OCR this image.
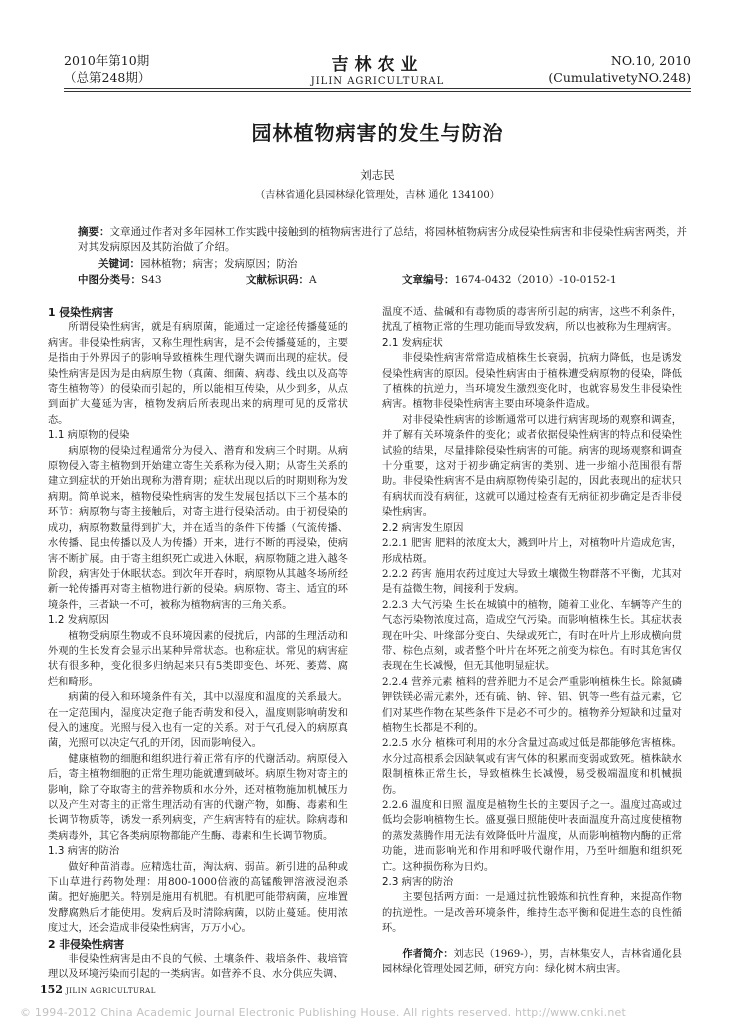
2010年第10期
（总第248期）
吉林农业
JILIN AGRICULTURAL
NO.10, 2010
(CumulativetyNO.248)
园林植物病害的发生与防治
刘志民
（吉林省通化县园林绿化管理处，吉林 通化 134100）
摘要：文章通过作者对多年园林工作实践中接触到的植物病害进行了总结，将园林植物病害分成侵染性病害和非侵染性病害两类，并对其发病原因及其防治做了介绍。
关键词：园林植物；病害；发病原因；防治
中图分类号：S43	文献标识码：A	文章编号：1674-0432（2010）-10-0152-1

1 侵染性病害

所谓侵染性病害，就是有病原菌，能通过一定途径传播蔓延的病害。非侵染性病害，又称生理性病害，是不会传播蔓延的，主要是指由于外界因子的影响导致植株生理代谢失调而出现的症状。侵染性病害是因为是由病原生物（真菌、细菌、病毒、线虫以及高等寄生植物等）的侵染而引起的，所以能相互传染，从少到多，从点到面扩大蔓延为害，植物发病后所表现出来的病理可见的反常状态。

1.1 病原物的侵染

病原物的侵染过程通常分为侵入、潜育和发病三个时期。从病原物侵入寄主植物到开始建立寄生关系称为侵入期；从寄生关系的建立到症状的开始出现称为潜育期；症状出现以后的时期则称为发病期。简单说来，植物侵染性病害的发生发展包括以下三个基本的环节：病原物与寄主接触后，对寄主进行侵染活动。由于初侵染的成功，病原物数量得到扩大，并在适当的条件下传播（气流传播、水传播、昆虫传播以及人为传播）开来，进行不断的再浸染，使病害不断扩展。由于寄主组织死亡或进入休眠，病原物随之进入越冬阶段，病害处于休眠状态。到次年开春时，病原物从其越冬场所经新一轮传播再对寄主植物进行新的侵染。病原物、寄主、适宜的环境条件，三者缺一不可，被称为植物病害的三角关系。

1.2 发病原因

植物受病原生物或不良环境因素的侵扰后，内部的生理活动和外观的生长发育会显示出某种异常状态。也称症状。常见的病害症状有很多种，变化很多归纳起来只有5类即变色、坏死、萎蔫、腐烂和畸形。

病菌的侵入和环境条件有关，其中以湿度和温度的关系最大。在一定范围内，湿度决定孢子能否萌发和侵入，温度则影响萌发和侵入的速度。光照与侵入也有一定的关系。对于气孔侵入的病原真菌，光照可以决定气孔的开闭，因而影响侵入。

健康植物的细胞和组织进行着正常有序的代谢活动。病原侵入后，寄主植物细胞的正常生理功能就遭到破坏。病原生物对寄主的影响，除了夺取寄主的营养物质和水分外，还对植物施加机械压力以及产生对寄主的正常生理活动有害的代谢产物，如酶、毒素和生长调节物质等，诱发一系列病变，产生病害特有的症状。除病毒和类病毒外，其它各类病原物都能产生酶、毒素和生长调节物质。

1.3 病害的防治

做好种苗消毒。应精选壮苗，淘汰病、弱苗。新引进的品种或下山草进行药物处理：用800-1000倍液的高锰酸钾溶液浸泡杀菌。把好施肥关。特别是施用有机肥。有机肥可能带病菌，应堆置发酵腐熟后才能使用。发病后及时清除病菌，以防止蔓延。使用浓度过大，还会造成非侵染性病害，万万小心。

2 非侵染性病害

非侵染性病害是由不良的气候、土壤条件、栽培条件、栽培管理以及环境污染而引起的一类病害。如营养不良、水分供应失调、

温度不适、盐碱和有毒物质的毒害所引起的病害，这些不利条件，扰乱了植物正常的生理功能而导致发病，所以也被称为生理病害。

2.1 发病症状

非侵染性病害常常造成植株生长衰弱，抗病力降低，也是诱发侵染性病害的原因。侵染性病害由于植株遭受病原物的侵染，降低了植株的抗逆力，当环境发生激烈变化时，也就容易发生非侵染性病害。植物非侵染性病害主要由环境条件造成。

对非侵染性病害的诊断通常可以进行病害现场的观察和调查，并了解有关环境条件的变化；或者依据侵染性病害的特点和侵染性试验的结果，尽量排除侵染性病害的可能。病害的现场观察和调查十分重要，这对于初步确定病害的类别、进一步缩小范围很有帮助。非侵染性病害不是由病原物传染引起的，因此表现出的症状只有病状而没有病征，这就可以通过检查有无病征初步确定是否非侵染性病害。

2.2 病害发生原因

2.2.1 肥害 肥料的浓度太大，溅到叶片上，对植物叶片造成危害，形成枯斑。

2.2.2 药害 施用农药过度过大导致土壤微生物群落不平衡，尤其对是有益微生物，间接利于发病。

2.2.3 大气污染 生长在城镇中的植物，随着工业化、车辆等产生的气态污染物浓度过高，造成空气污染。而影响植株生长。其症状表现在叶尖、叶缘部分变白、失绿或死亡，有时在叶片上形成横向贯带、棕色点刻，或者整个叶片在坏死之前变为棕色。有时其危害仅表现在生长减慢，但无其他明显症状。

2.2.4 营养元素 植料的营养肥力不足会严重影响植株生长。除氮磷钾铁镁必需元素外，还有硫、钠、锌、铝、钒等一些有益元素，它们对某些作物在某些条件下是必不可少的。植物养分短缺和过量对植物生长都是不利的。

2.2.5 水分 植株可利用的水分含量过高或过低是都能够危害植株。水分过高根系会因缺氧或有害气体的积累而变弱或致死。植株缺水限制植株正常生长，导致植株生长减慢，易受极端温度和机械损伤。

2.2.6 温度和日照 温度是植物生长的主要因子之一。温度过高或过低均会影响植物生长。盛夏强日照能使叶表面温度升高过度使植物的蒸发蒸腾作用无法有效降低叶片温度，从而影响植物内酶的正常功能，进而影响光和作用和呼吸代谢作用，乃至叶细胞和组织死亡。这种损伤称为日灼。

2.3 病害的防治

主要包括两方面：一是通过抗性锻炼和抗性育种，来提高作物的抗逆性。一是改善环境条件，维持生态平衡和促进生态的良性循环。

作者简介：刘志民（1969-），男，吉林集安人，吉林省通化县园林绿化管理处园艺师，研究方向：绿化树木病虫害。

152 JILIN AGRICULTURAL
© 1994-2012 China Academic Journal Electronic Publishing House. All rights reserved. http://www.cnki.net
